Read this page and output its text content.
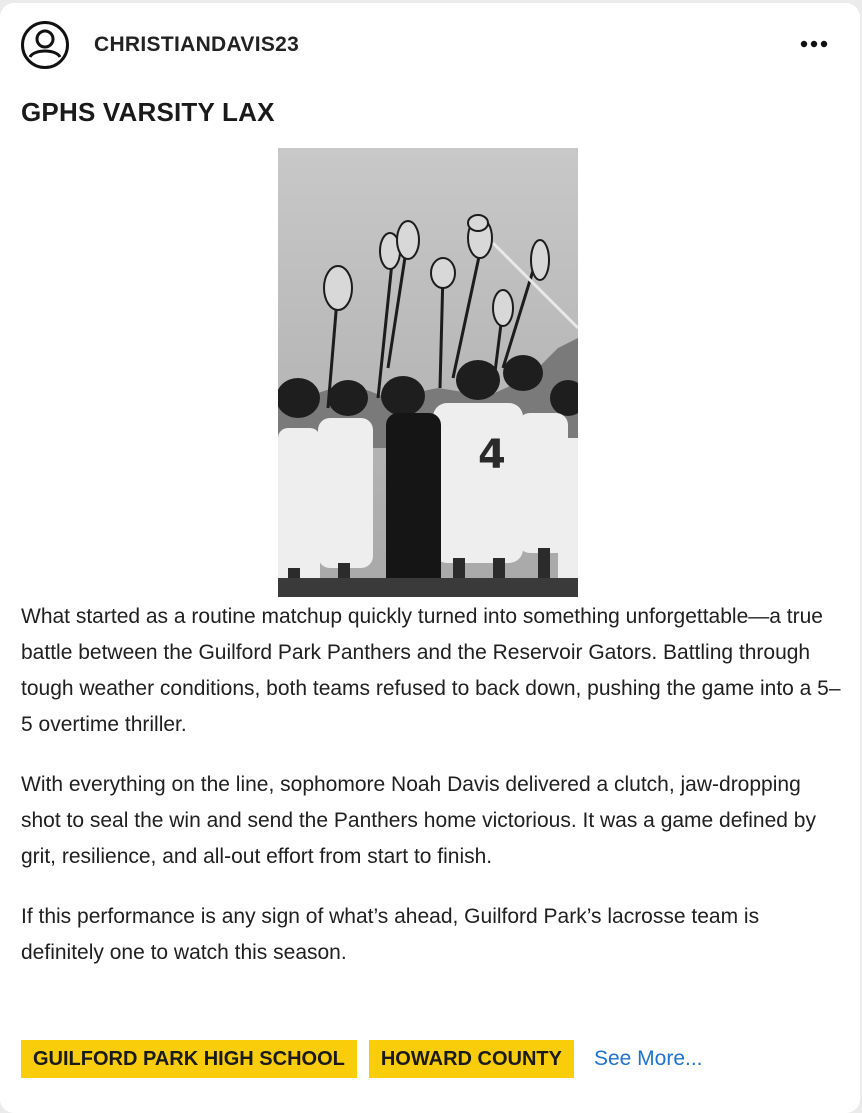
CHRISTIANDAVIS23
GPHS VARSITY LAX
4

What started as a routine matchup quickly turned into something unforgettable—a true battle between the Guilford Park Panthers and the Reservoir Gators. Battling through tough weather conditions, both teams refused to back down, pushing the game into a 5–5 overtime thriller.

With everything on the line, sophomore Noah Davis delivered a clutch, jaw-dropping shot to seal the win and send the Panthers home victorious. It was a game defined by grit, resilience, and all-out effort from start to finish.

If this performance is any sign of what’s ahead, Guilford Park’s lacrosse team is definitely one to watch this season.

GUILFORD PARK HIGH SCHOOL	HOWARD COUNTY	See More...
